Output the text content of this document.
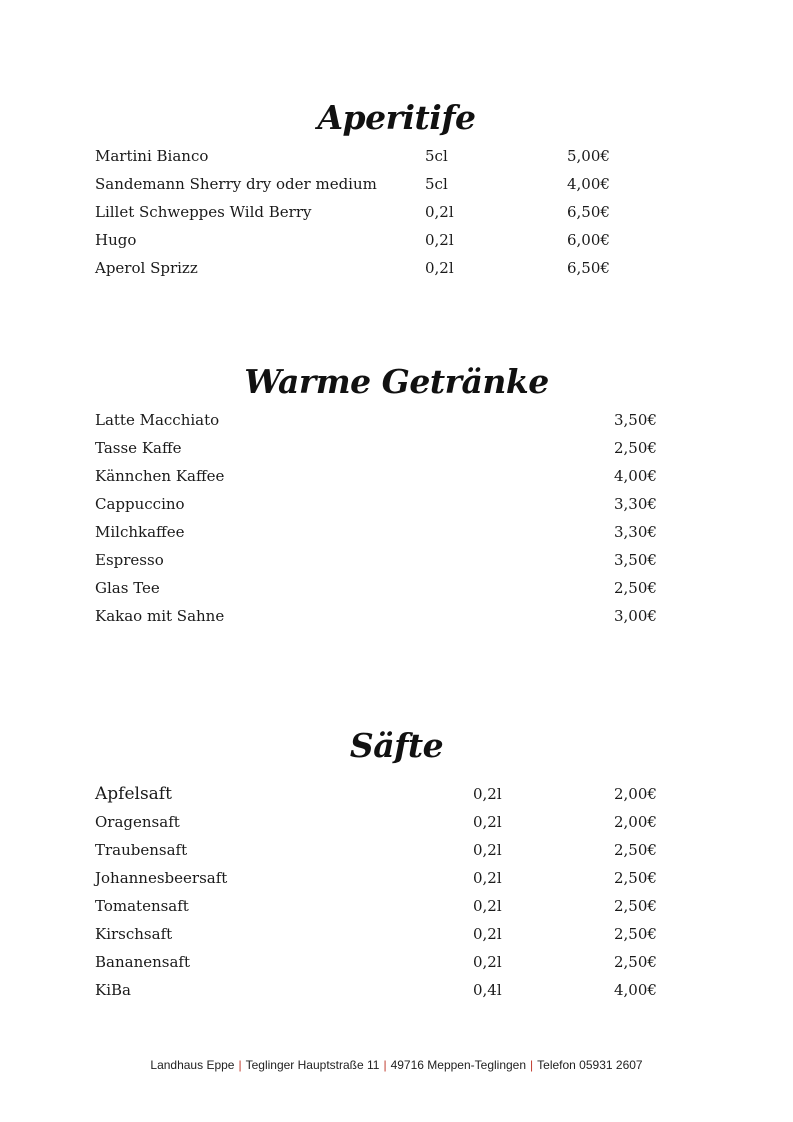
Aperitife
Martini Bianco	5cl	5,00€
Sandemann Sherry dry oder medium	5cl	4,00€
Lillet Schweppes Wild Berry	0,2l	6,50€
Hugo	0,2l	6,00€
Aperol Sprizz	0,2l	6,50€
Warme Getränke
Latte Macchiato	3,50€
Tasse Kaffe	2,50€
Kännchen Kaffee	4,00€
Cappuccino	3,30€
Milchkaffee	3,30€
Espresso	3,50€
Glas Tee	2,50€
Kakao mit Sahne	3,00€
Säfte
Apfelsaft	0,2l	2,00€
Oragensaft	0,2l	2,00€
Traubensaft	0,2l	2,50€
Johannesbeersaft	0,2l	2,50€
Tomatensaft	0,2l	2,50€
Kirschsaft	0,2l	2,50€
Bananensaft	0,2l	2,50€
KiBa	0,4l	4,00€
Landhaus Eppe | Teglinger Hauptstraße 11 | 49716 Meppen-Teglingen | Telefon 05931 2607
